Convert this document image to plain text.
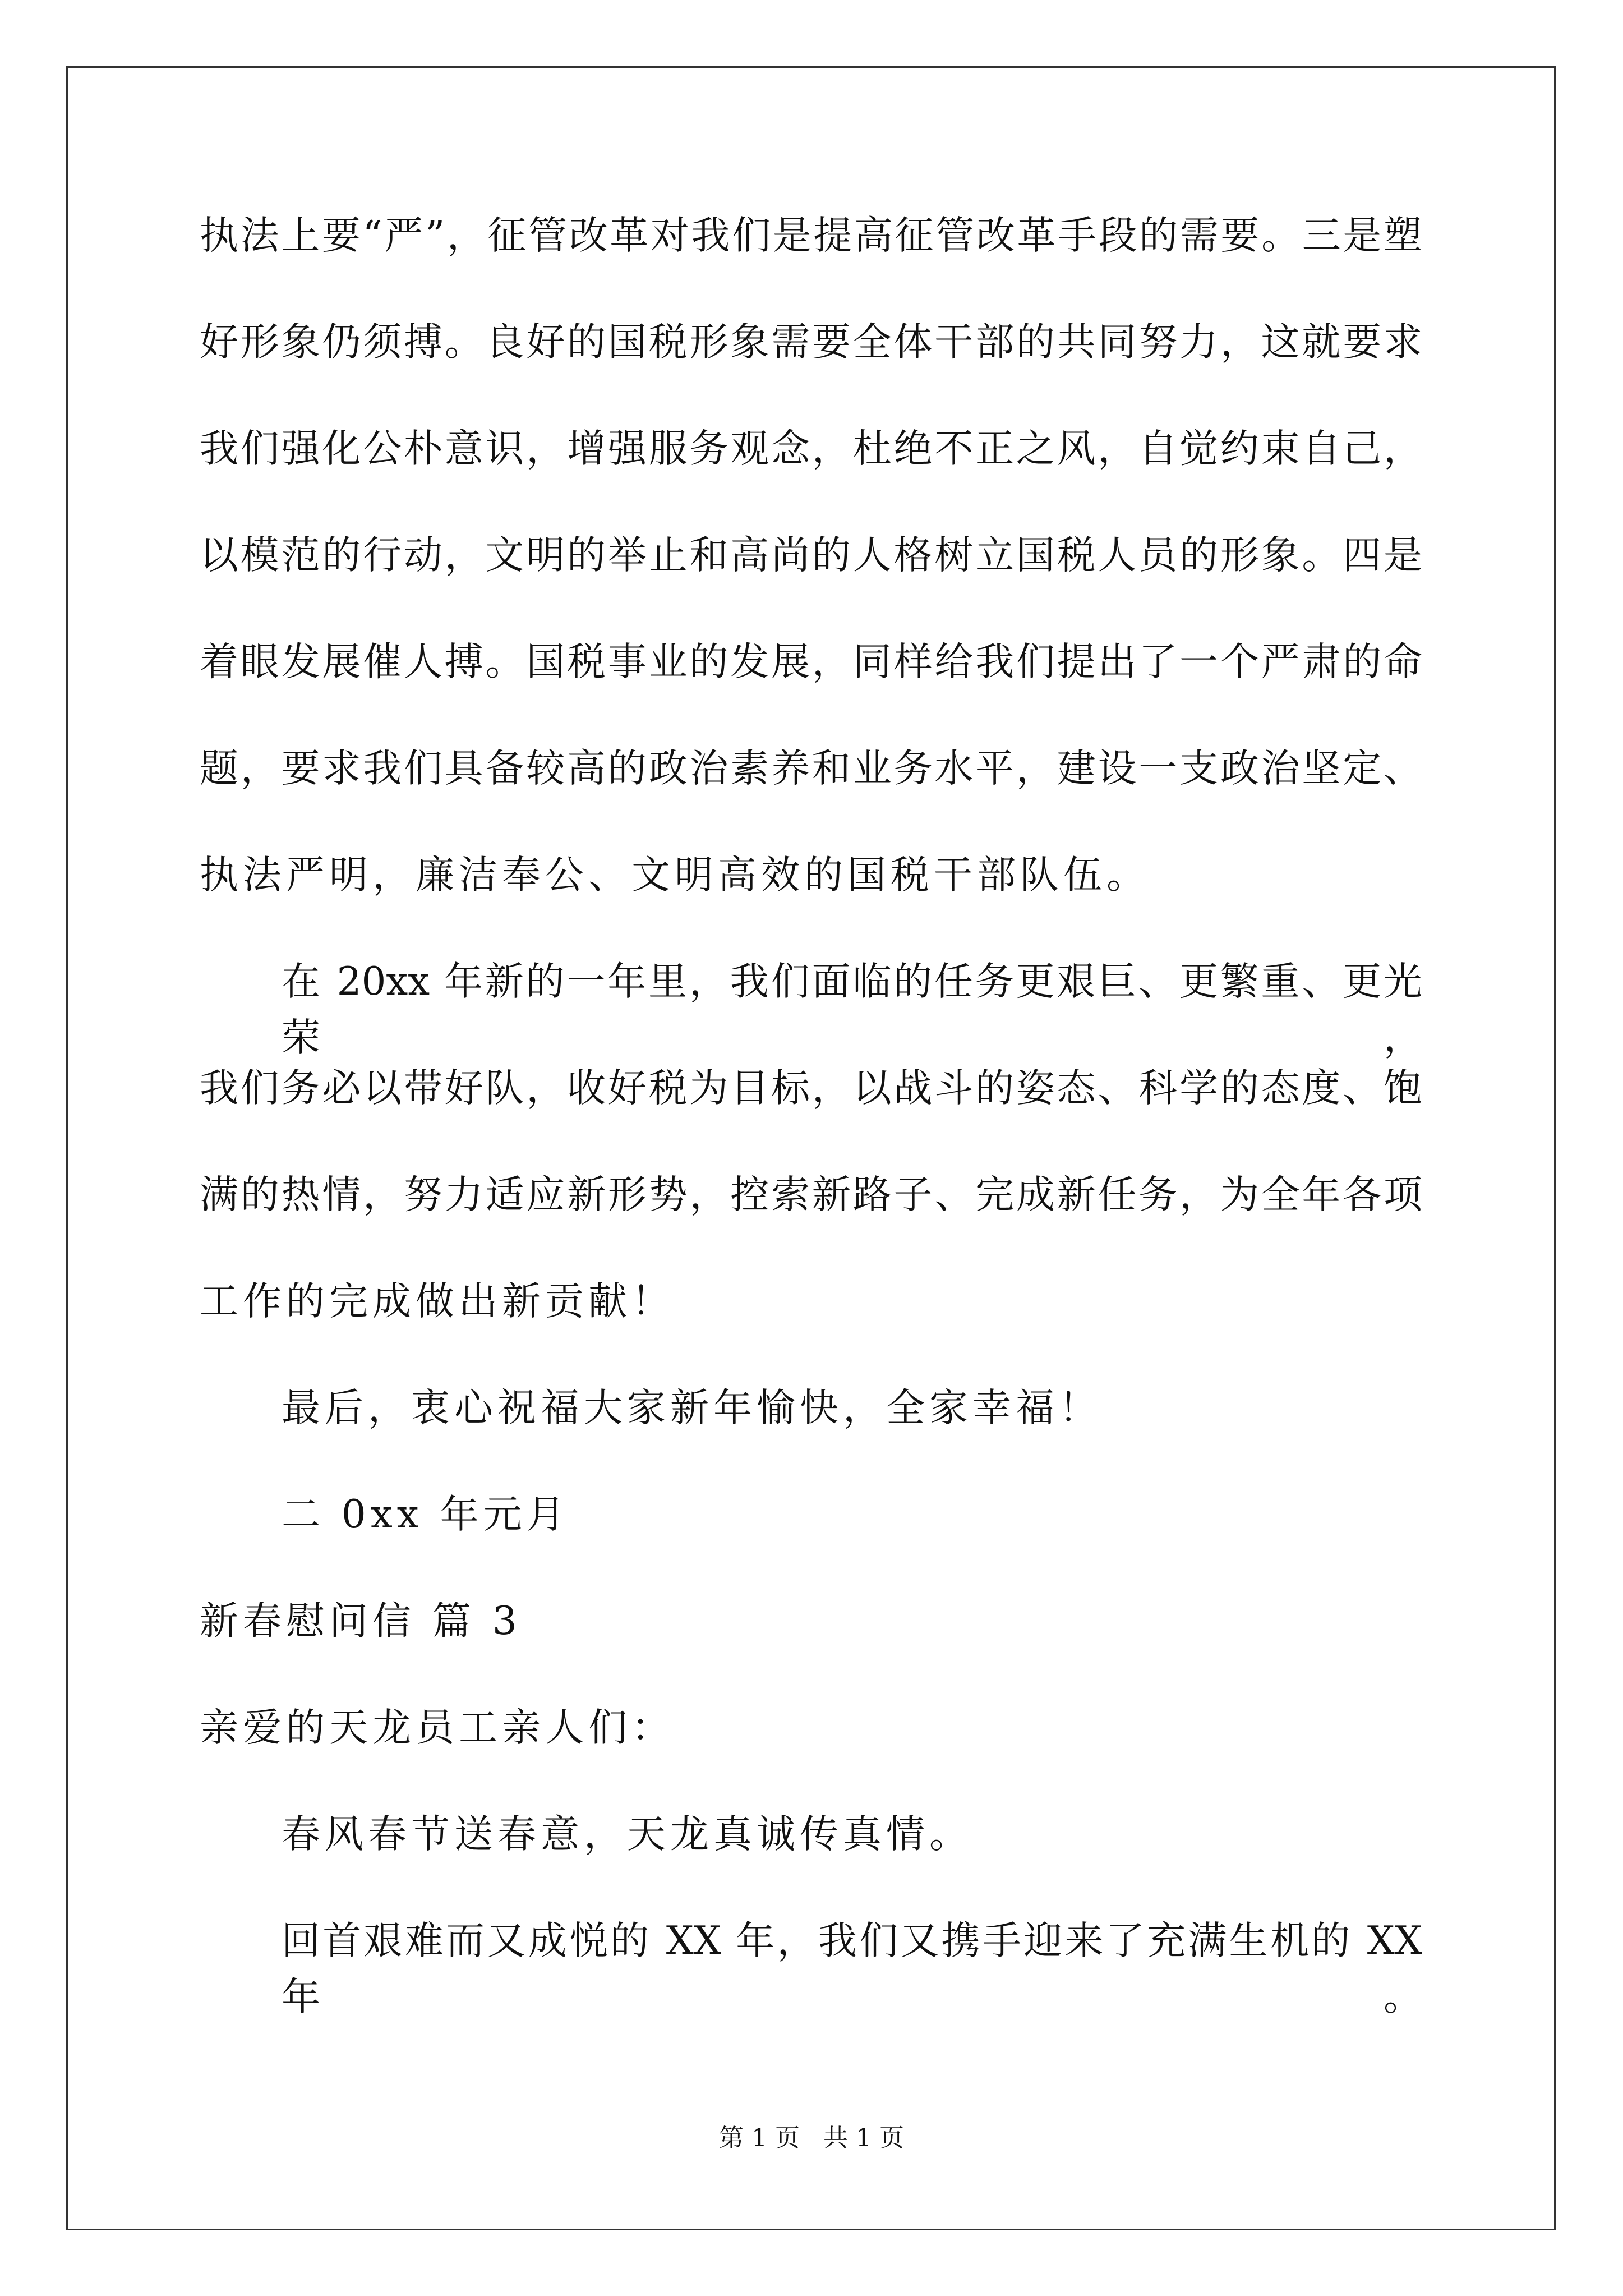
执法上要“严”，征管改革对我们是提高征管改革手段的需要。三是塑
好形象仍须搏。良好的国税形象需要全体干部的共同努力，这就要求
我们强化公朴意识，增强服务观念，杜绝不正之风，自觉约束自己，
以模范的行动，文明的举止和高尚的人格树立国税人员的形象。四是
着眼发展催人搏。国税事业的发展，同样给我们提出了一个严肃的命
题，要求我们具备较高的政治素养和业务水平，建设一支政治坚定、
执法严明，廉洁奉公、文明高效的国税干部队伍。
在 20xx 年新的一年里，我们面临的任务更艰巨、更繁重、更光荣，
我们务必以带好队，收好税为目标，以战斗的姿态、科学的态度、饱
满的热情，努力适应新形势，控索新路子、完成新任务，为全年各项
工作的完成做出新贡献！
最后，衷心祝福大家新年愉快，全家幸福！
二 0xx 年元月
新春慰问信 篇 3
亲爱的天龙员工亲人们：
春风春节送春意，天龙真诚传真情。
回首艰难而又成悦的 XX 年，我们又携手迎来了充满生机的 XX 年。
第 1 页 共 1 页
